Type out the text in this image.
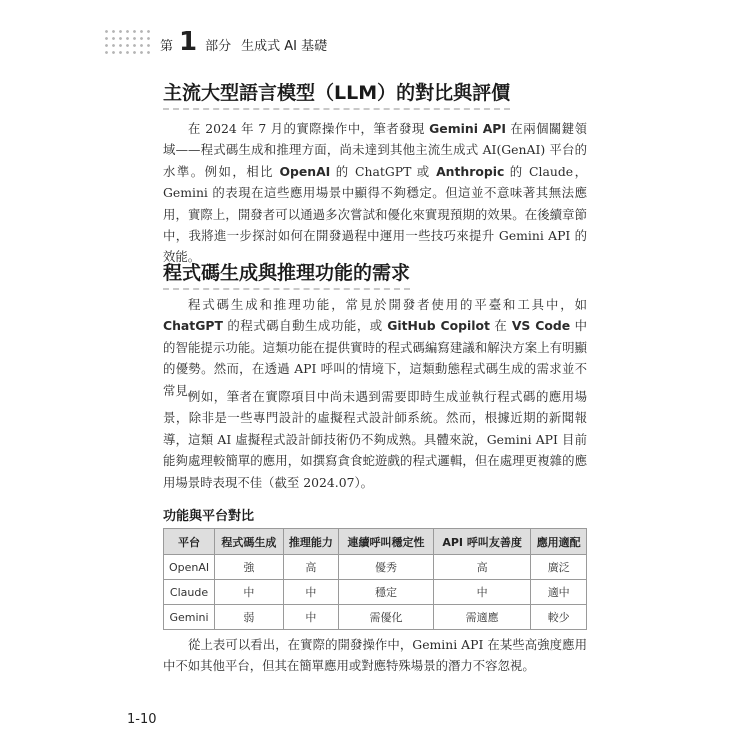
第 1 部分 生成式 AI 基礎
主流大型語言模型（LLM）的對比與評價

在 2024 年 7 月的實際操作中，筆者發現 Gemini API 在兩個關鍵領域——程式碼生成和推理方面，尚未達到其他主流生成式 AI(GenAI) 平台的水準。例如，相比 OpenAI 的 ChatGPT 或 Anthropic 的 Claude，Gemini 的表現在這些應用場景中顯得不夠穩定。但這並不意味著其無法應用，實際上，開發者可以通過多次嘗試和優化來實現預期的效果。在後續章節中，我將進一步探討如何在開發過程中運用一些技巧來提升 Gemini API 的效能。

程式碼生成與推理功能的需求

程式碼生成和推理功能，常見於開發者使用的平臺和工具中，如 ChatGPT 的程式碼自動生成功能，或 GitHub Copilot 在 VS Code 中的智能提示功能。這類功能在提供實時的程式碼編寫建議和解決方案上有明顯的優勢。然而，在透過 API 呼叫的情境下，這類動態程式碼生成的需求並不常見。

例如，筆者在實際項目中尚未遇到需要即時生成並執行程式碼的應用場景，除非是一些專門設計的虛擬程式設計師系統。然而，根據近期的新聞報導，這類 AI 虛擬程式設計師技術仍不夠成熟。具體來說，Gemini API 目前能夠處理較簡單的應用，如撰寫貪食蛇遊戲的程式邏輯，但在處理更複雜的應用場景時表現不佳（截至 2024.07）。

功能與平台對比
平台	程式碼生成	推理能力	連續呼叫穩定性	API 呼叫友善度	應用適配
OpenAI	強	高	優秀	高	廣泛
Claude	中	中	穩定	中	適中
Gemini	弱	中	需優化	需適應	較少

從上表可以看出，在實際的開發操作中，Gemini API 在某些高強度應用中不如其他平台，但其在簡單應用或對應特殊場景的潛力不容忽視。

1-10
